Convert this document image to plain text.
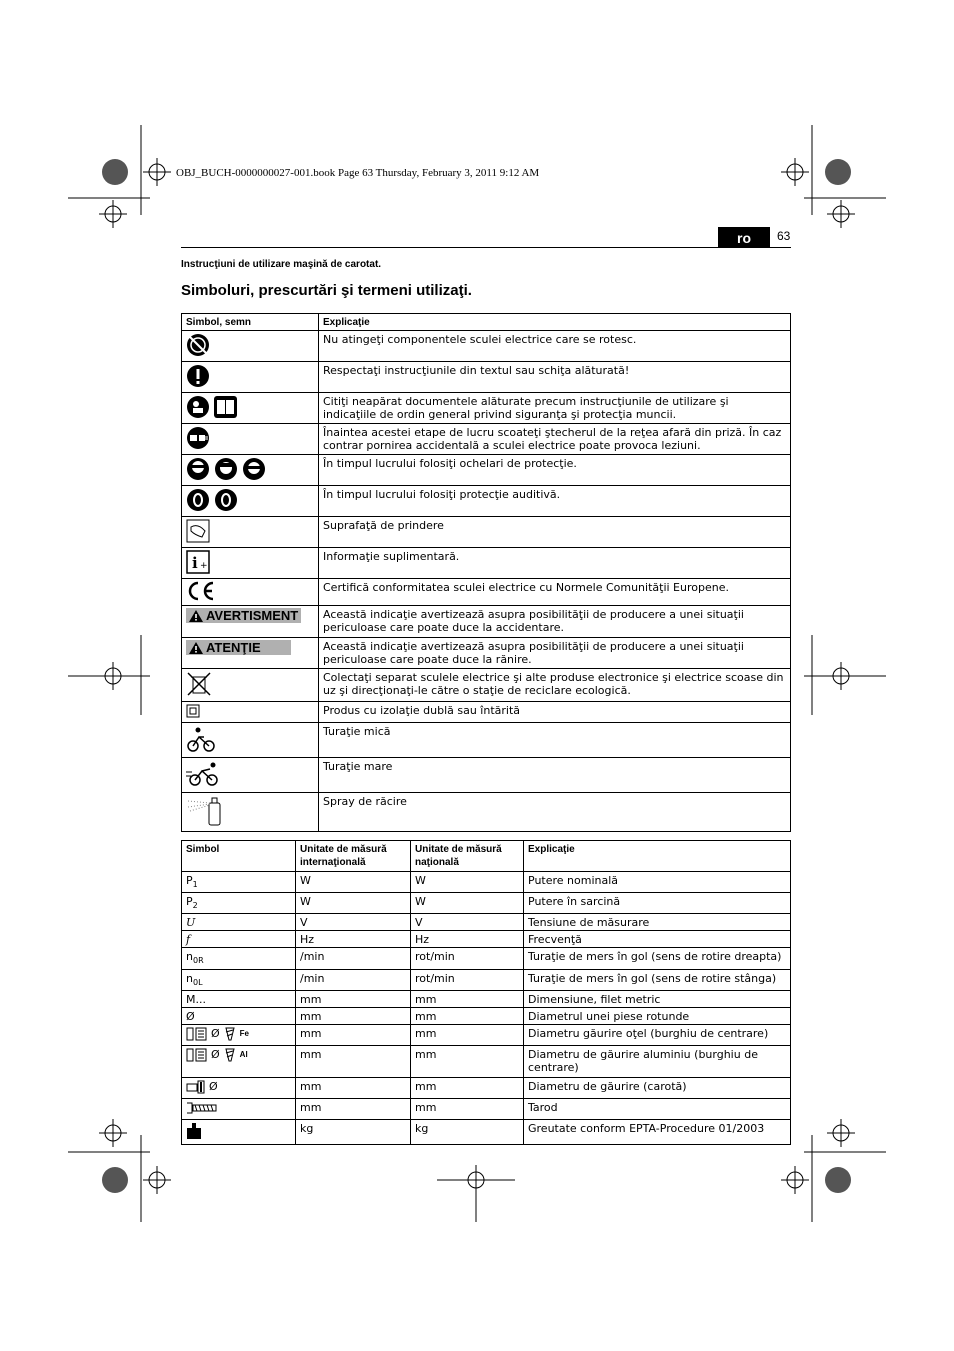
OBJ_BUCH-0000000027-001.book Page 63 Thursday, February 3, 2011 9:12 AM
ro	63
Instrucţiuni de utilizare maşină de carotat.
Simboluri, prescurtări şi termeni utilizaţi.
Simbol, semn	Explicaţie
	Nu atingeţi componentele sculei electrice care se rotesc.
	Respectaţi instrucţiunile din textul sau schiţa alăturată!

	Citiţi neapărat documentele alăturate precum instrucţiunile de utilizare şi indicaţiile de ordin general privind siguranţa şi protecţia muncii.
	Înaintea acestei etape de lucru scoateţi ştecherul de la reţea afară din priză. În caz contrar pornirea accidentală a sculei electrice poate provoca leziuni.
	În timpul lucrului folosiţi ochelari de protecţie.
	În timpul lucrului folosiţi protecţie auditivă.
	Suprafaţă de prindere

i +	Informaţie suplimentară.
	Certifică conformitatea sculei electrice cu Normele Comunităţii Europene.

AVERTISMENT	Această indicaţie avertizează asupra posibilităţii de producere a unei situaţii periculoase care poate duce la accidentare.

ATENŢIE	Această indicaţie avertizează asupra posibilităţii de producere a unei situaţii periculoase care poate duce la rănire.
	Colectaţi separat sculele electrice şi alte produse electronice şi electrice scoase din uz şi direcţionaţi-le către o staţie de reciclare ecologică.
	Produs cu izolaţie dublă sau întărită
	Turaţie mică
	Turaţie mare
	Spray de răcire
Simbol	Unitate de măsură internaţională	Unitate de măsură naţională	Explicaţie
$P_1$	W	W	Putere nominală
$P_2$	W	W	Putere în sarcină
U	V	V	Tensiune de măsurare
f	Hz	Hz	Frecvenţă
$n_{0R}$	/min	rot/min	Turaţie de mers în gol (sens de rotire dreapta)
$n_{0L}$	/min	rot/min	Turaţie de mers în gol (sens de rotire stânga)
M...	mm	mm	Dimensiune, filet metric
Ø	mm	mm	Diametrul unei piese rotunde

Ø Fe	mm	mm	Diametru găurire oţel (burghiu de centrare)

Ø Al	mm	mm	Diametru de găurire aluminiu (burghiu de centrare)

Ø	mm	mm	Diametru de găurire (carotă)
	mm	mm	Tarod
	kg	kg	Greutate conform EPTA-Procedure 01/2003
